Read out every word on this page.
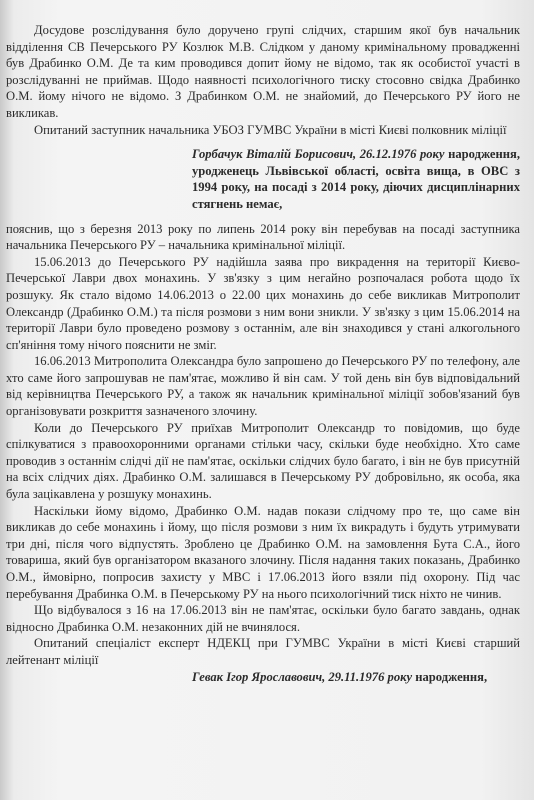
Досудове розслідування було доручено групі слідчих, старшим якої був начальник відділення СВ Печерського РУ Козлюк М.В. Слідком у даному кримінальному провадженні був Драбинко О.М. Де та ким проводився допит йому не відомо, так як особистої участі в розслідуванні не приймав. Щодо наявності психологічного тиску стосовно свідка Драбинко О.М. йому нічого не відомо. З Драбинком О.М. не знайомий, до Печерського РУ його не викликав.

Опитаний заступник начальника УБОЗ ГУМВС України в місті Києві полковник міліції

Горбачук Віталій Борисович, 26.12.1976 року народження, уродженець Львівської області, освіта вища, в ОВС з 1994 року, на посаді з 2014 року, діючих дисциплінарних стягнень немає,

пояснив, що з березня 2013 року по липень 2014 року він перебував на посаді заступника начальника Печерського РУ – начальника кримінальної міліції.

15.06.2013 до Печерського РУ надійшла заява про викрадення на території Києво-Печерської Лаври двох монахинь. У зв'язку з цим негайно розпочалася робота щодо їх розшуку. Як стало відомо 14.06.2013 о 22.00 цих монахинь до себе викликав Митрополит Олександр (Драбинко О.М.) та після розмови з ним вони зникли. У зв'язку з цим 15.06.2014 на території Лаври було проведено розмову з останнім, але він знаходився у стані алкогольного сп'яніння тому нічого пояснити не зміг.

16.06.2013 Митрополита Олександра було запрошено до Печерського РУ по телефону, але хто саме його запрошував не пам'ятає, можливо й він сам. У той день він був відповідальний від керівництва Печерського РУ, а також як начальник кримінальної міліції зобов'язаний був організовувати розкриття зазначеного злочину.

Коли до Печерського РУ приїхав Митрополит Олександр то повідомив, що буде спілкуватися з правоохоронними органами стільки часу, скільки буде необхідно. Хто саме проводив з останнім слідчі дії не пам'ятає, оскільки слідчих було багато, і він не був присутній на всіх слідчих діях. Драбинко О.М. залишався в Печерському РУ добровільно, як особа, яка була зацікавлена у розшуку монахинь.

Наскільки йому відомо, Драбинко О.М. надав покази слідчому про те, що саме він викликав до себе монахинь і йому, що після розмови з ним їх викрадуть і будуть утримувати три дні, після чого відпустять. Зроблено це Драбинко О.М. на замовлення Бута С.А., його товариша, який був організатором вказаного злочину. Після надання таких показань, Драбинко О.М., ймовірно, попросив захисту у МВС і 17.06.2013 його взяли під охорону. Під час перебування Драбинка О.М. в Печерському РУ на нього психологічний тиск ніхто не чинив.

Що відбувалося з 16 на 17.06.2013 він не пам'ятає, оскільки було багато завдань, однак відносно Драбинка О.М. незаконних дій не вчинялося.

Опитаний спеціаліст експерт НДЕКЦ при ГУМВС України в місті Києві старший лейтенант міліції

Гевак Ігор Ярославович, 29.11.1976 року народження,
